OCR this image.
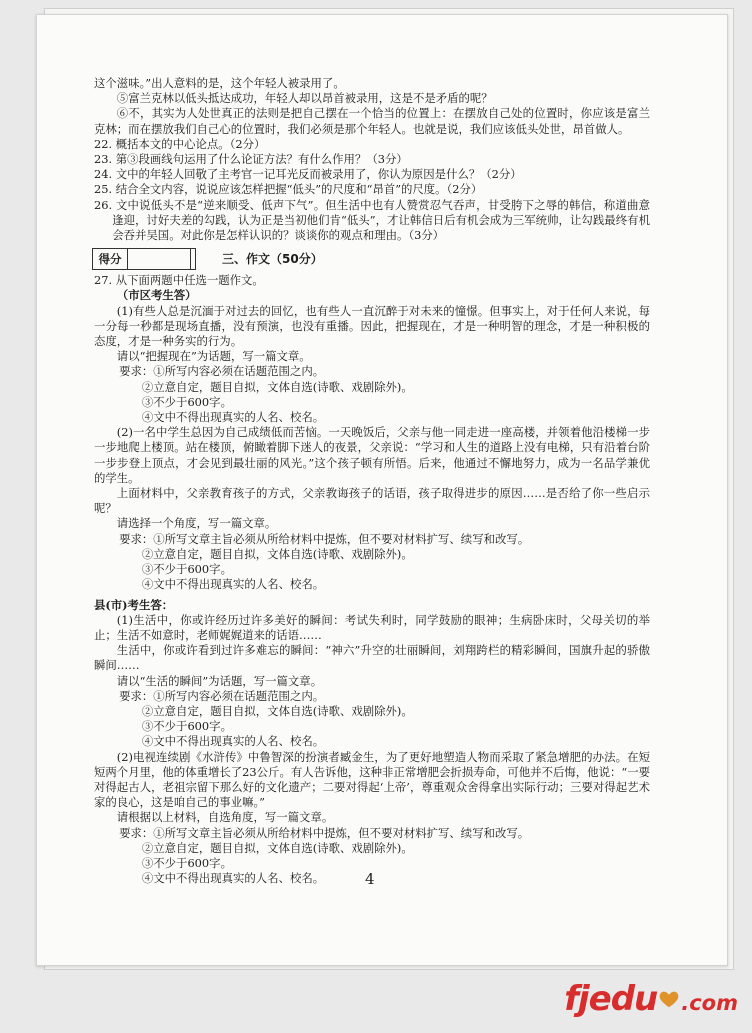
这个滋味。”出人意料的是，这个年轻人被录用了。

⑤富兰克林以低头抵达成功，年轻人却以昂首被录用，这是不是矛盾的呢？

⑥不，其实为人处世真正的法则是把自己摆在一个恰当的位置上：在摆放自己处的位置时，你应该是富兰克林；而在摆放我们自己心的位置时，我们必须是那个年轻人。也就是说，我们应该低头处世，昂首做人。

22. 概括本文的中心论点。（2分）

23. 第③段画线句运用了什么论证方法？有什么作用？（3分）

24. 文中的年轻人回敬了主考官一记耳光反而被录用了，你认为原因是什么？（2分）

25. 结合全文内容，说说应该怎样把握“低头”的尺度和“昂首”的尺度。（2分）

26. 文中说低头不是“逆来顺受、低声下气”。但生活中也有人赞赏忍气吞声，甘受胯下之辱的韩信，称道曲意逢迎，讨好夫差的勾践，认为正是当初他们肯“低头”，才让韩信日后有机会成为三军统帅，让勾践最终有机会吞并吴国。对此你是怎样认识的？谈谈你的观点和理由。（3分）

得分	三、作文（50分）

27. 从下面两题中任选一题作文。

（市区考生答）

(1)有些人总是沉湎于对过去的回忆，也有些人一直沉醉于对未来的憧憬。但事实上，对于任何人来说，每一分每一秒都是现场直播，没有预演，也没有重播。因此，把握现在，才是一种明智的理念，才是一种积极的态度，才是一种务实的行为。

请以“把握现在”为话题，写一篇文章。

要求：①所写内容必须在话题范围之内。

②立意自定，题目自拟，文体自选(诗歌、戏剧除外)。

③不少于600字。

④文中不得出现真实的人名、校名。

(2)一名中学生总因为自己成绩低而苦恼。一天晚饭后，父亲与他一同走进一座高楼，并领着他沿楼梯一步一步地爬上楼顶。站在楼顶，俯瞰着脚下迷人的夜景，父亲说：“学习和人生的道路上没有电梯，只有沿着台阶一步步登上顶点，才会见到最壮丽的风光。”这个孩子顿有所悟。后来，他通过不懈地努力，成为一名品学兼优的学生。

上面材料中，父亲教育孩子的方式，父亲教诲孩子的话语，孩子取得进步的原因……是否给了你一些启示呢？

请选择一个角度，写一篇文章。

要求：①所写文章主旨必须从所给材料中提炼，但不要对材料扩写、续写和改写。

②立意自定，题目自拟，文体自选(诗歌、戏剧除外)。

③不少于600字。

④文中不得出现真实的人名、校名。

县(市)考生答：

(1)生活中，你或许经历过许多美好的瞬间：考试失利时，同学鼓励的眼神；生病卧床时，父母关切的举止；生活不如意时，老师娓娓道来的话语……

生活中，你或许看到过许多难忘的瞬间：“神六”升空的壮丽瞬间，刘翔跨栏的精彩瞬间，国旗升起的骄傲瞬间……

请以“生活的瞬间”为话题，写一篇文章。

要求：①所写内容必须在话题范围之内。

②立意自定，题目自拟，文体自选(诗歌、戏剧除外)。

③不少于600字。

④文中不得出现真实的人名、校名。

(2)电视连续剧《水浒传》中鲁智深的扮演者臧金生，为了更好地塑造人物而采取了紧急增肥的办法。在短短两个月里，他的体重增长了23公斤。有人告诉他，这种非正常增肥会折损寿命，可他并不后悔，他说：“一要对得起古人，老祖宗留下那么好的文化遗产；二要对得起‘上帝’，尊重观众舍得拿出实际行动；三要对得起艺术家的良心，这是咱自己的事业嘛。”

请根据以上材料，自选角度，写一篇文章。

要求：①所写文章主旨必须从所给材料中提炼，但不要对材料扩写、续写和改写。

②立意自定，题目自拟，文体自选(诗歌、戏剧除外)。

③不少于600字。

④文中不得出现真实的人名、校名。	4
fjedu .com
